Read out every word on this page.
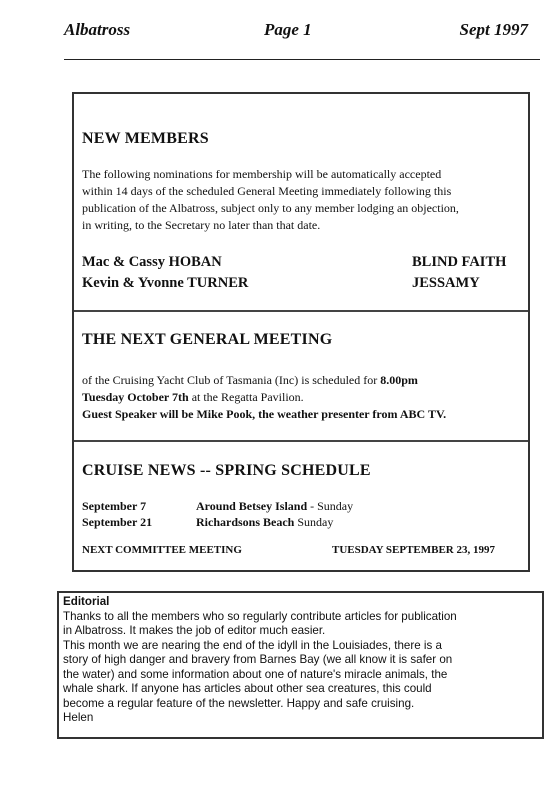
Albatross	Page 1	Sept 1997
NEW MEMBERS
The following nominations for membership will be automatically accepted
within 14 days of the scheduled General Meeting immediately following this
publication of the Albatross, subject only to any member lodging an objection,
in writing, to the Secretary no later than that date.
Mac & Cassy HOBAN	BLIND FAITH
Kevin & Yvonne TURNER	JESSAMY
THE NEXT GENERAL MEETING
of the Cruising Yacht Club of Tasmania (Inc) is scheduled for 8.00pm
Tuesday October 7th at the Regatta Pavilion.
Guest Speaker will be Mike Pook, the weather presenter from ABC TV.
CRUISE NEWS -- SPRING SCHEDULE
September 7	Around Betsey Island - Sunday
September 21	Richardsons Beach Sunday
NEXT COMMITTEE MEETING	TUESDAY SEPTEMBER 23, 1997
Editorial

Thanks to all the members who so regularly contribute articles for publication

in Albatross. It makes the job of editor much easier.

This month we are nearing the end of the idyll in the Louisiades, there is a

story of high danger and bravery from Barnes Bay (we all know it is safer on

the water) and some information about one of nature's miracle animals, the

whale shark. If anyone has articles about other sea creatures, this could

become a regular feature of the newsletter. Happy and safe cruising.

Helen
